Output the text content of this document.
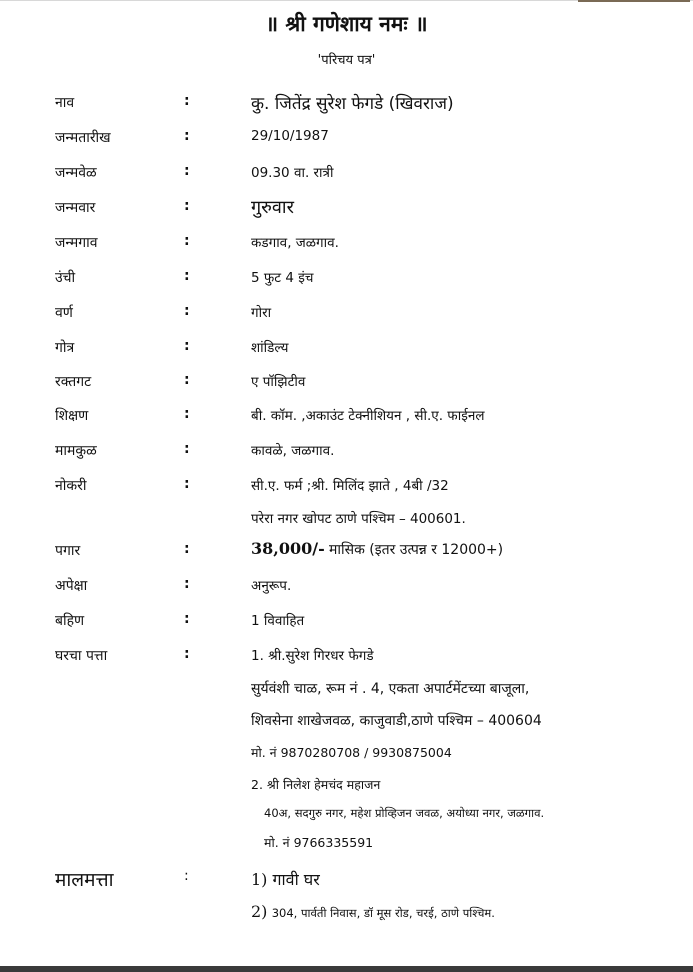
॥ श्री गणेशाय नमः ॥
'परिचय पत्र'
नाव	:	कु. जितेंद्र सुरेश फेगडे (खिवराज)
जन्मतारीख	:	29/10/1987
जन्मवेळ	:	09.30 वा. रात्री
जन्मवार	:	गुरुवार
जन्मगाव	:	कडगाव, जळगाव.
उंची	:	5 फुट 4 इंच
वर्ण	:	गोरा
गोत्र	:	शांडिल्य
रक्तगट	:	ए पॉझिटीव
शिक्षण	:	बी. कॉम. ,अकाउंट टेक्नीशियन , सी.ए. फाईनल
मामकुळ	:	कावळे, जळगाव.
नोकरी	:	सी.ए. फर्म ;श्री. मिलिंद झाते , 4बी /32
परेरा नगर खोपट ठाणे पश्चिम – 400601.
पगार	:	38,000/- मासिक (इतर उत्पन्न र 12000+)
अपेक्षा	:	अनुरूप.
बहिण	:	1 विवाहित
घरचा पत्ता	:	1. श्री.सुरेश गिरधर फेगडे
सुर्यवंशी चाळ, रूम नं . 4, एकता अपार्टमेंटच्या बाजूला,
शिवसेना शाखेजवळ, काजुवाडी,ठाणे पश्चिम – 400604
मो. नं 9870280708 / 9930875004
2. श्री निलेश हेमचंद महाजन
40अ, सदगुरु नगर, महेश प्रोव्हिजन जवळ, अयोध्या नगर, जळगाव.
मो. नं 9766335591
मालमत्ता	:	1) गावी घर
2) 304, पार्वती निवास, डॉ मूस रोड, चरई, ठाणे पश्चिम.
